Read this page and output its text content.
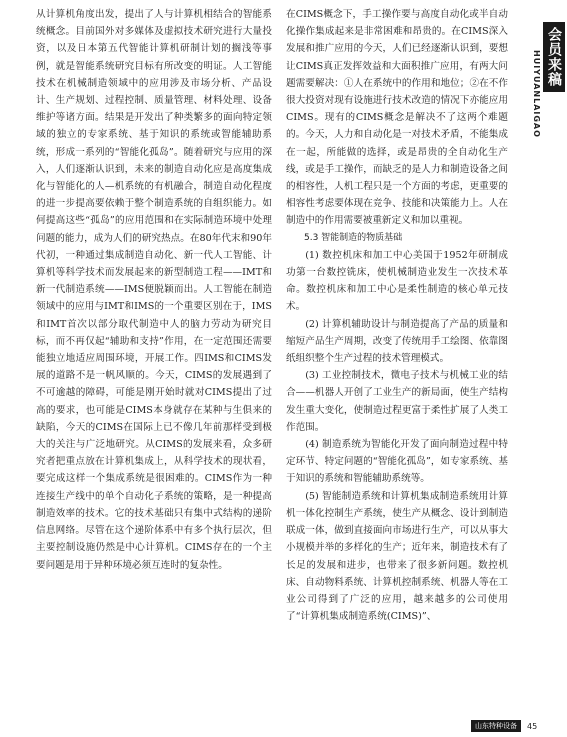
从计算机角度出发，提出了人与计算机相结合的智能系统概念。目前国外对多媒体及虚拟技术研究进行大量投资，以及日本第五代智能计算机研制计划的搁浅等事例，就是智能系统研究目标有所改变的明证。人工智能技术在机械制造领域中的应用涉及市场分析、产品设计、生产规划、过程控制、质量管理、材料处理、设备维护等诸方面。结果是开发出了种类繁多的面向特定领域的独立的专家系统、基于知识的系统或智能辅助系统，形成一系列的“智能化孤岛”。随着研究与应用的深入，人们逐渐认识到，未来的制造自动化应是高度集成化与智能化的人—机系统的有机融合，制造自动化程度的进一步提高要依赖于整个制造系统的自组织能力。如何提高这些“孤岛”的应用范围和在实际制造环境中处理问题的能力，成为人们的研究热点。在80年代末和90年代初，一种通过集成制造自动化、新一代人工智能、计算机等科学技术而发展起来的新型制造工程——IMT和新一代制造系统——IMS便脱颖而出。人工智能在制造领域中的应用与IMT和IMS的一个重要区别在于，IMS和IMT首次以部分取代制造中人的脑力劳动为研究目标，而不再仅起“辅助和支持”作用，在一定范围还需要能独立地适应周围环境，开展工作。四IMS和CIMS发展的道路不是一帆风顺的。今天，CIMS的发展遇到了不可逾越的障碍，可能是刚开始时就对CIMS提出了过高的要求，也可能是CIMS本身就存在某种与生俱来的缺陷，今天的CIMS在国际上已不像几年前那样受到极大的关注与广泛地研究。从CIMS的发展来看，众多研究者把重点放在计算机集成上，从科学技术的现状看，要完成这样一个集成系统是很困难的。CIMS作为一种连接生产线中的单个自动化子系统的策略，是一种提高制造效率的技术。它的技术基础只有集中式结构的递阶信息网络。尽管在这个递阶体系中有多个执行层次，但主要控制设施仍然是中心计算机。CIMS存在的一个主要问题是用于异种环境必须互连时的复杂性。

在CIMS概念下，手工操作要与高度自动化或半自动化操作集成起来是非常困难和昂贵的。在CIMS深入发展和推广应用的今天，人们已经逐渐认识到，要想让CIMS真正发挥效益和大面积推广应用，有两大问题需要解决：①人在系统中的作用和地位；②在不作很大投资对现有设施进行技术改造的情况下亦能应用CIMS。现有的CIMS概念是解决不了这两个难题的。今天，人力和自动化是一对技术矛盾，不能集成在一起，所能做的选择，或是昂贵的全自动化生产线，或是手工操作，而缺乏的是人力和制造设备之间的相容性，人机工程只是一个方面的考虑，更重要的相容性考虑要体现在竞争、技能和决策能力上。人在制造中的作用需要被重新定义和加以重视。

5.3 智能制造的物质基础

(1) 数控机床和加工中心美国于1952年研制成功第一台数控铣床，使机械制造业发生一次技术革命。数控机床和加工中心是柔性制造的核心单元技术。

(2) 计算机辅助设计与制造提高了产品的质量和缩短产品生产周期，改变了传统用手工绘图、依靠图纸组织整个生产过程的技术管理模式。

(3) 工业控制技术，微电子技术与机械工业的结合——机器人开创了工业生产的新局面，使生产结构发生重大变化，使制造过程更富于柔性扩展了人类工作范围。

(4) 制造系统为智能化开发了面向制造过程中特定环节、特定问题的“智能化孤岛”，如专家系统、基于知识的系统和智能辅助系统等。

(5) 智能制造系统和计算机集成制造系统用计算机一体化控制生产系统，使生产从概念、设计到制造联成一体，做到直接面向市场进行生产，可以从事大小规模并举的多样化的生产；近年来，制造技术有了长足的发展和进步，也带来了很多新问题。数控机床、自动物料系统、计算机控制系统、机器人等在工业公司得到了广泛的应用，越来越多的公司使用了“计算机集成制造系统(CIMS)”、

会员来稿
HUIYUANLAIGAO
山东特种设备	45
